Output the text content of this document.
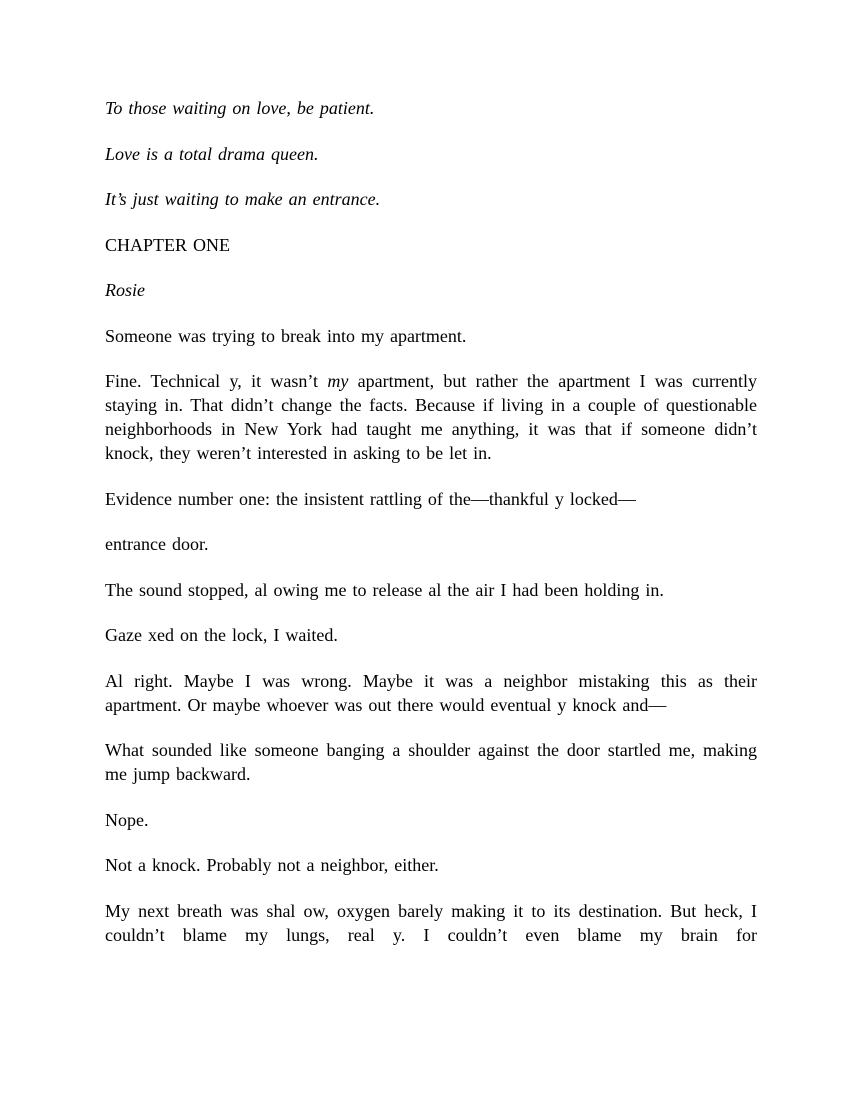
To those waiting on love, be patient.

Love is a total drama queen.

It’s just waiting to make an entrance.

CHAPTER ONE

Rosie

Someone was trying to break into my apartment.

Fine. Technical y, it wasn’t my apartment, but rather the apartment I was currently staying in. That didn’t change the facts. Because if living in a couple of questionable neighborhoods in New York had taught me anything, it was that if someone didn’t knock, they weren’t interested in asking to be let in.

Evidence number one: the insistent rattling of the—thankful y locked—

entrance door.

The sound stopped, al owing me to release al the air I had been holding in.

Gaze xed on the lock, I waited.

Al right. Maybe I was wrong. Maybe it was a neighbor mistaking this as their apartment. Or maybe whoever was out there would eventual y knock and—

What sounded like someone banging a shoulder against the door startled me, making me jump backward.

Nope.

Not a knock. Probably not a neighbor, either.

My next breath was shal ow, oxygen barely making it to its destination. But heck, I couldn’t blame my lungs, real y. I couldn’t even blame my brain for
